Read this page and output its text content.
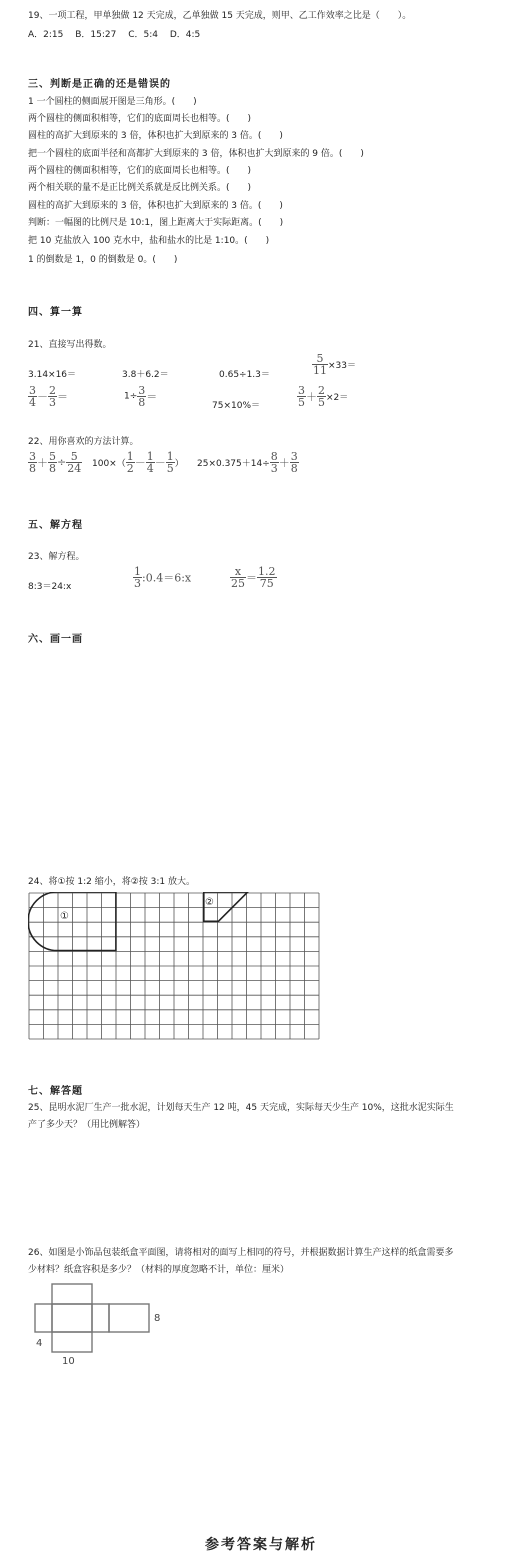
19、一项工程，甲单独做 12 天完成，乙单独做 15 天完成，则甲、乙工作效率之比是（　　）。
A．2:15　 B．15:27　 C．5:4　 D．4:5
三、判断是正确的还是错误的
1 一个圆柱的侧面展开图是三角形。(　　)
两个圆柱的侧面积相等，它们的底面周长也相等。(　　)
圆柱的高扩大到原来的 3 倍，体积也扩大到原来的 3 倍。(　　)
把一个圆柱的底面半径和高都扩大到原来的 3 倍，体积也扩大到原来的 9 倍。(　　)
两个圆柱的侧面积相等，它们的底面周长也相等。(　　)
两个相关联的量不是正比例关系就是反比例关系。(　　)
圆柱的高扩大到原来的 3 倍，体积也扩大到原来的 3 倍。(　　)
判断：一幅图的比例尺是 10:1，图上距离大于实际距离。(　　)
把 10 克盐放入 100 克水中，盐和盐水的比是 1:10。(　　)
1 的倒数是 1，0 的倒数是 0。(　　)
四、算一算
21、直接写出得数。
3.14×16＝	3.8＋6.2＝	0.65÷1.3＝	$\frac{5}{11} \times 33=$
$\frac{3}{4} - \frac{2}{3}$ ＝	$1\div \frac{3}{8}$ ＝
75×10%＝	$\frac{3}{5} + \frac{2}{5} \times 2=$
22、用你喜欢的方法计算。
$\frac{3}{8} + \frac{5}{8} \div \frac{5}{24} 100\times( \frac{1}{2} - \frac{1}{4} - \frac{1}{5}$ ） $25\times 0.375+14\div \frac{8}{3} + \frac{3}{8}$
五、解方程
23、解方程。
8:3＝24:x	$\frac{1}{3}$ :0.4＝6:x	$\frac{x}{25} = \frac{1.2}{75}$
六、画一画
24、将①按 1:2 缩小，将②按 3:1 放大。
①
②
七、解答题
25、昆明水泥厂生产一批水泥，计划每天生产 12 吨，45 天完成，实际每天少生产 10%，这批水泥实际生产了多少天？（用比例解答）
26、如图是小饰品包装纸盒平面图，请将相对的面写上相同的符号，并根据数据计算生产这样的纸盒需要多少材料？纸盒容积是多少？（材料的厚度忽略不计，单位：厘米）
8
4
10
参考答案与解析
